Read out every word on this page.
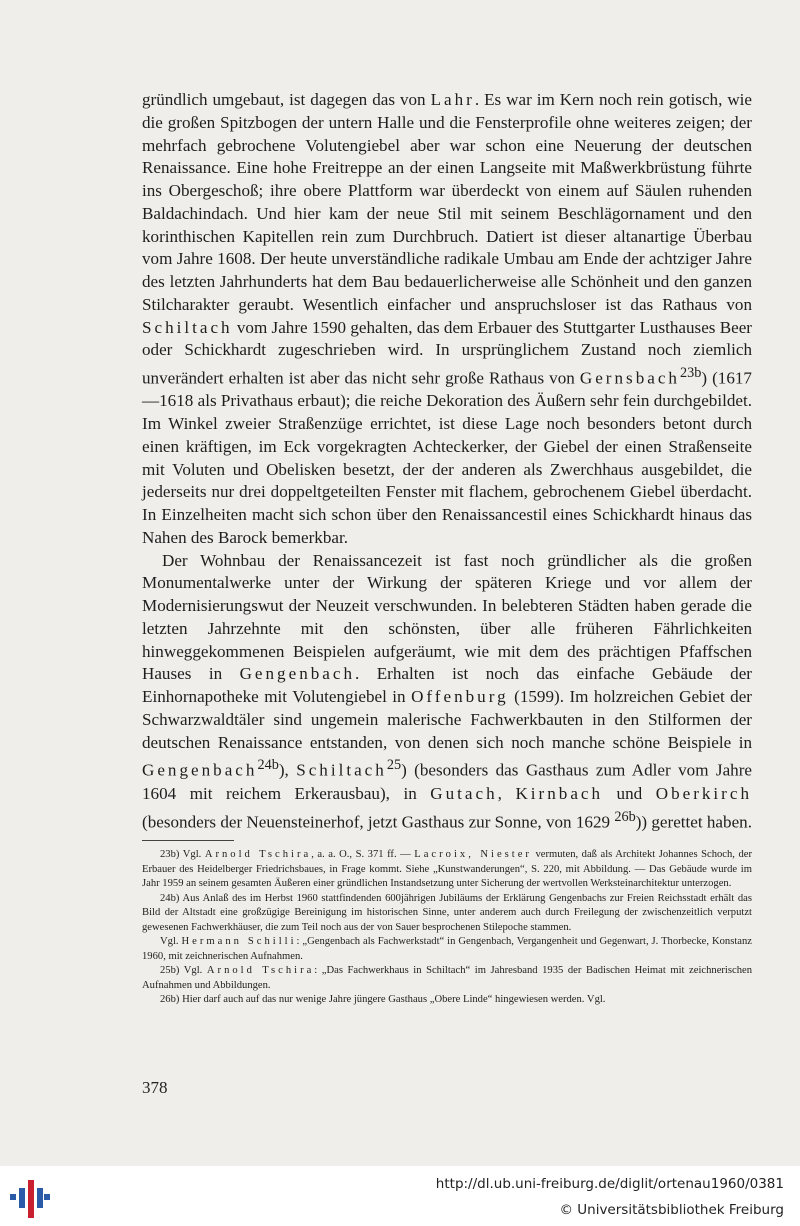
gründlich umgebaut, ist dagegen das von Lahr. Es war im Kern noch rein gotisch, wie die großen Spitzbogen der untern Halle und die Fensterprofile ohne weiteres zeigen; der mehrfach gebrochene Volutengiebel aber war schon eine Neuerung der deutschen Renaissance. Eine hohe Freitreppe an der einen Langseite mit Maßwerkbrüstung führte ins Obergeschoß; ihre obere Plattform war überdeckt von einem auf Säulen ruhenden Baldachindach. Und hier kam der neue Stil mit seinem Beschlägornament und den korinthischen Kapitellen rein zum Durchbruch. Datiert ist dieser altanartige Überbau vom Jahre 1608. Der heute unverständliche radikale Umbau am Ende der achtziger Jahre des letzten Jahrhunderts hat dem Bau bedauerlicherweise alle Schönheit und den ganzen Stilcharakter geraubt. Wesentlich einfacher und anspruchsloser ist das Rathaus von Schiltach vom Jahre 1590 gehalten, das dem Erbauer des Stuttgarter Lusthauses Beer oder Schickhardt zugeschrieben wird. In ursprünglichem Zustand noch ziemlich unverändert erhalten ist aber das nicht sehr große Rathaus von Gernsbach$^{23b}$) (1617—1618 als Privathaus erbaut); die reiche Dekoration des Äußern sehr fein durchgebildet. Im Winkel zweier Straßenzüge errichtet, ist diese Lage noch besonders betont durch einen kräftigen, im Eck vorgekragten Achteckerker, der Giebel der einen Straßenseite mit Voluten und Obelisken besetzt, der der anderen als Zwerchhaus ausgebildet, die jederseits nur drei doppeltgeteilten Fenster mit flachem, gebrochenem Giebel überdacht. In Einzelheiten macht sich schon über den Renaissancestil eines Schickhardt hinaus das Nahen des Barock bemerkbar.

Der Wohnbau der Renaissancezeit ist fast noch gründlicher als die großen Monumentalwerke unter der Wirkung der späteren Kriege und vor allem der Modernisierungswut der Neuzeit verschwunden. In belebteren Städten haben gerade die letzten Jahrzehnte mit den schönsten, über alle früheren Fährlichkeiten hinweggekommenen Beispielen aufgeräumt, wie mit dem des prächtigen Pfaffschen Hauses in Gengenbach. Erhalten ist noch das einfache Gebäude der Einhornapotheke mit Volutengiebel in Offenburg (1599). Im holzreichen Gebiet der Schwarzwaldtäler sind ungemein malerische Fachwerkbauten in den Stilformen der deutschen Renaissance entstanden, von denen sich noch manche schöne Beispiele in Gengenbach$^{24b}$), Schiltach$^{25}$) (besonders das Gasthaus zum Adler vom Jahre 1604 mit reichem Erkerausbau), in Gutach, Kirnbach und Oberkirch (besonders der Neuensteinerhof, jetzt Gasthaus zur Sonne, von 1629 $^{26b}$)) gerettet haben.

23b) Vgl. Arnold Tschira, a. a. O., S. 371 ff. — Lacroix, Niester vermuten, daß als Architekt Johannes Schoch, der Erbauer des Heidelberger Friedrichsbaues, in Frage kommt. Siehe „Kunstwanderungen“, S. 220, mit Abbildung. — Das Gebäude wurde im Jahr 1959 an seinem gesamten Äußeren einer gründlichen Instandsetzung unter Sicherung der wertvollen Werksteinarchitektur unterzogen.

24b) Aus Anlaß des im Herbst 1960 stattfindenden 600jährigen Jubiläums der Erklärung Gengenbachs zur Freien Reichsstadt erhält das Bild der Altstadt eine großzügige Bereinigung im historischen Sinne, unter anderem auch durch Freilegung der zwischenzeitlich verputzt gewesenen Fachwerkhäuser, die zum Teil noch aus der von Sauer besprochenen Stilepoche stammen.

Vgl. Hermann Schilli: „Gengenbach als Fachwerkstadt“ in Gengenbach, Vergangenheit und Gegenwart, J. Thorbecke, Konstanz 1960, mit zeichnerischen Aufnahmen.

25b) Vgl. Arnold Tschira: „Das Fachwerkhaus in Schiltach“ im Jahresband 1935 der Badischen Heimat mit zeichnerischen Aufnahmen und Abbildungen.

26b) Hier darf auch auf das nur wenige Jahre jüngere Gasthaus „Obere Linde“ hingewiesen werden. Vgl.

378
http://dl.ub.uni-freiburg.de/diglit/ortenau1960/0381
© Universitätsbibliothek Freiburg
